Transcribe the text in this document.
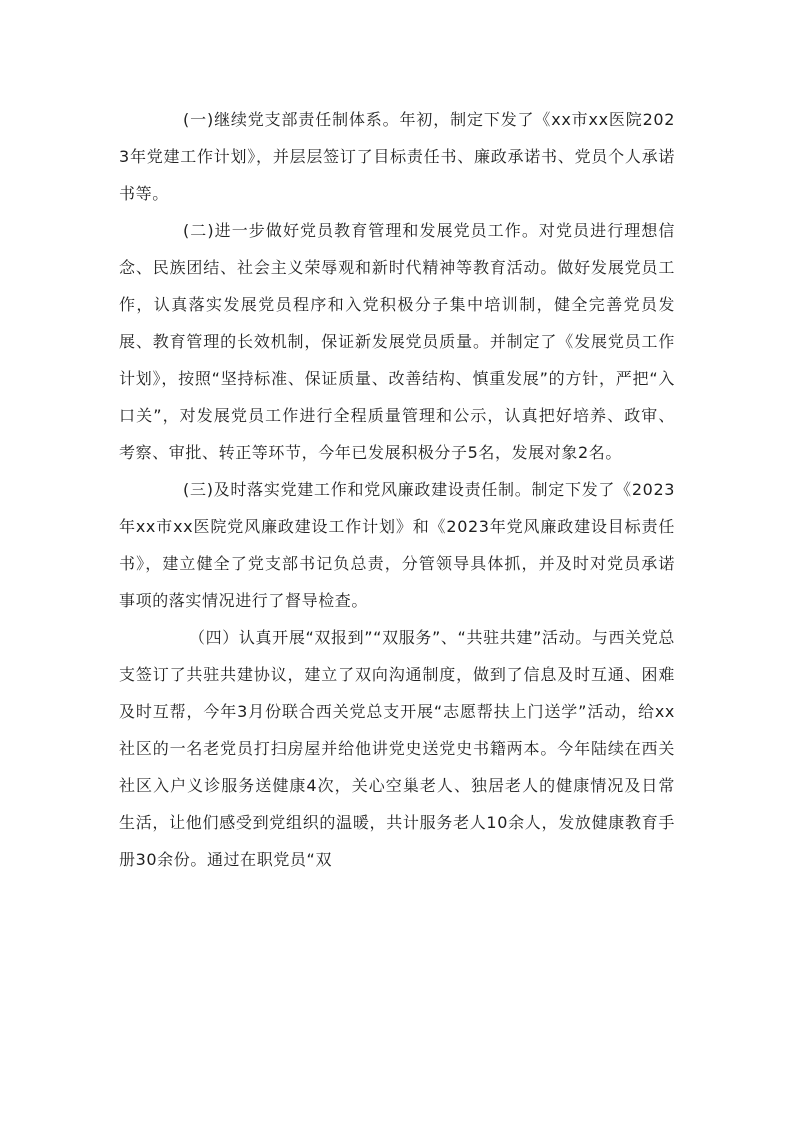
(一)继续党支部责任制体系。年初，制定下发了《xx市xx医院2023年党建工作计划》，并层层签订了目标责任书、廉政承诺书、党员个人承诺书等。

(二)进一步做好党员教育管理和发展党员工作。对党员进行理想信念、民族团结、社会主义荣辱观和新时代精神等教育活动。做好发展党员工作，认真落实发展党员程序和入党积极分子集中培训制，健全完善党员发展、教育管理的长效机制，保证新发展党员质量。并制定了《发展党员工作计划》，按照“坚持标准、保证质量、改善结构、慎重发展”的方针，严把“入口关”，对发展党员工作进行全程质量管理和公示，认真把好培养、政审、考察、审批、转正等环节，今年已发展积极分子5名，发展对象2名。

(三)及时落实党建工作和党风廉政建设责任制。制定下发了《2023年xx市xx医院党风廉政建设工作计划》和《2023年党风廉政建设目标责任书》，建立健全了党支部书记负总责，分管领导具体抓，并及时对党员承诺事项的落实情况进行了督导检查。

（四）认真开展“双报到”“双服务”、“共驻共建”活动。与西关党总支签订了共驻共建协议，建立了双向沟通制度，做到了信息及时互通、困难及时互帮，今年3月份联合西关党总支开展“志愿帮扶上门送学”活动，给xx社区的一名老党员打扫房屋并给他讲党史送党史书籍两本。今年陆续在西关社区入户义诊服务送健康4次，关心空巢老人、独居老人的健康情况及日常生活，让他们感受到党组织的温暖，共计服务老人10余人，发放健康教育手册30余份。通过在职党员“双
